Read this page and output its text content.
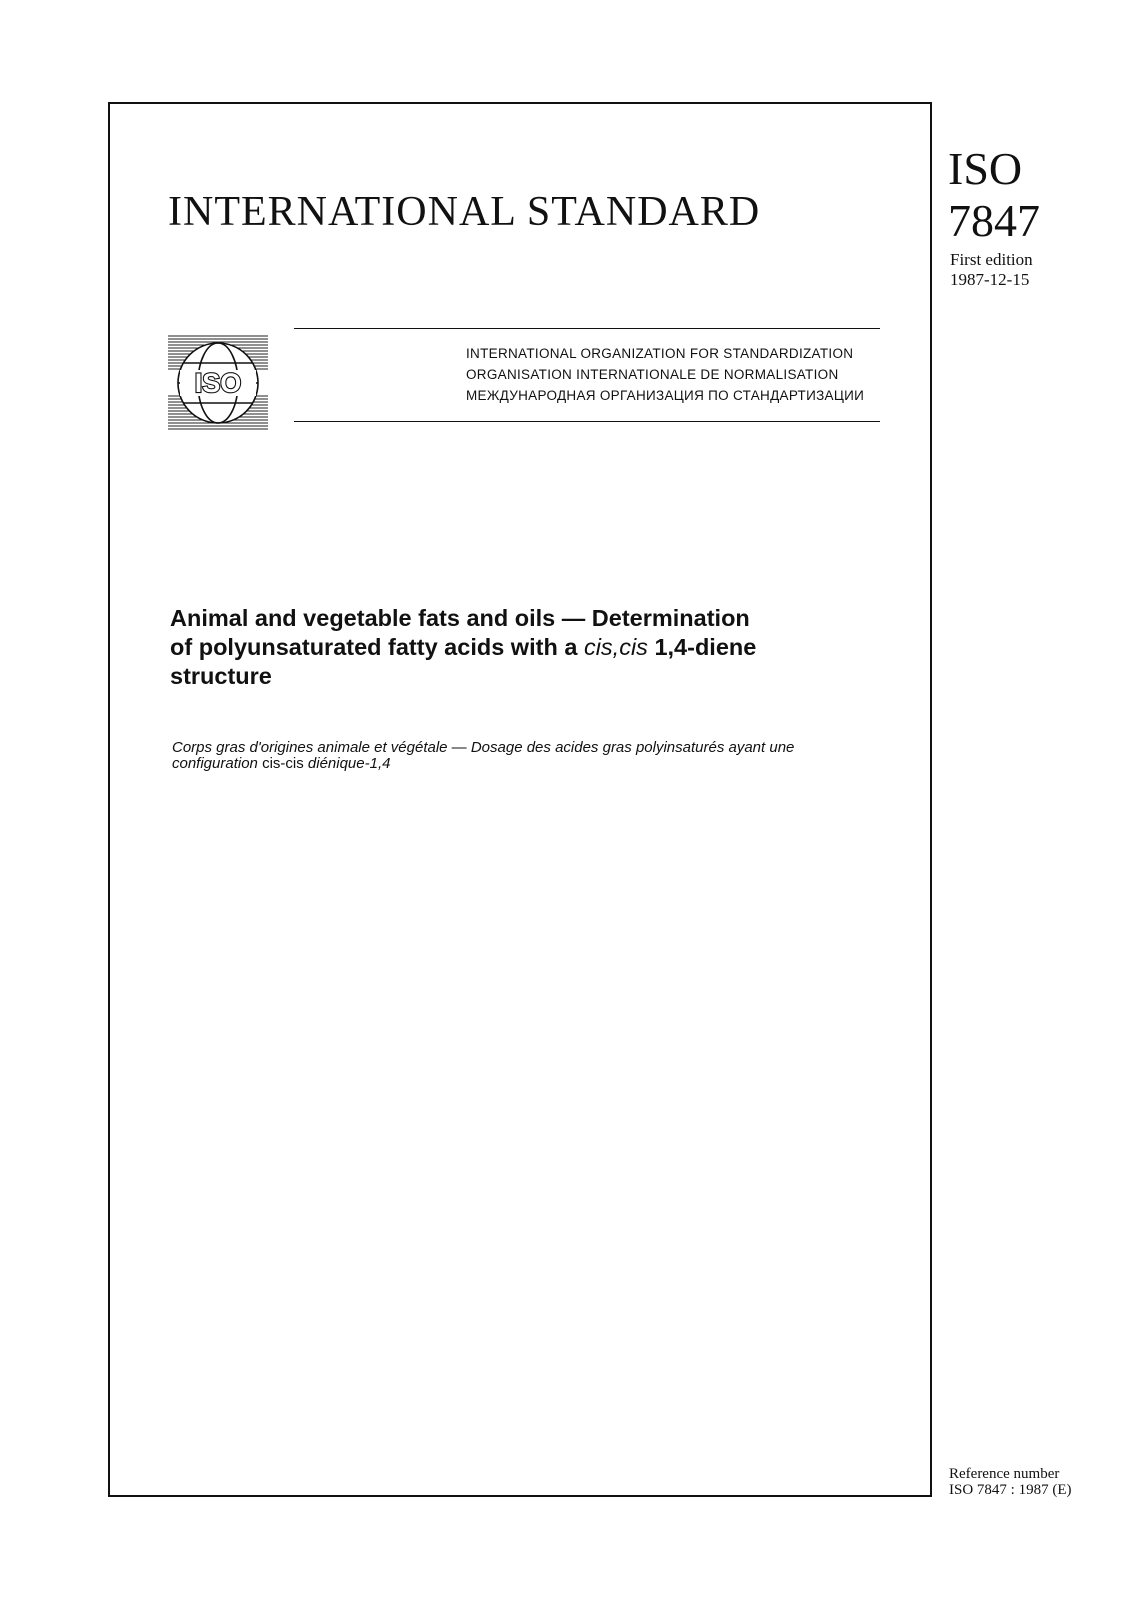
INTERNATIONAL STANDARD
ISO
7847
First edition
1987-12-15
ISO
INTERNATIONAL ORGANIZATION FOR STANDARDIZATION
ORGANISATION INTERNATIONALE DE NORMALISATION
МЕЖДУНАРОДНАЯ ОРГАНИЗАЦИЯ ПО СТАНДАРТИЗАЦИИ
Animal and vegetable fats and oils — Determination
of polyunsaturated fatty acids with a cis,cis 1,4-diene
structure
Corps gras d'origines animale et végétale — Dosage des acides gras polyinsaturés ayant une
configuration cis-cis diénique-1,4
Reference number
ISO 7847 : 1987 (E)
